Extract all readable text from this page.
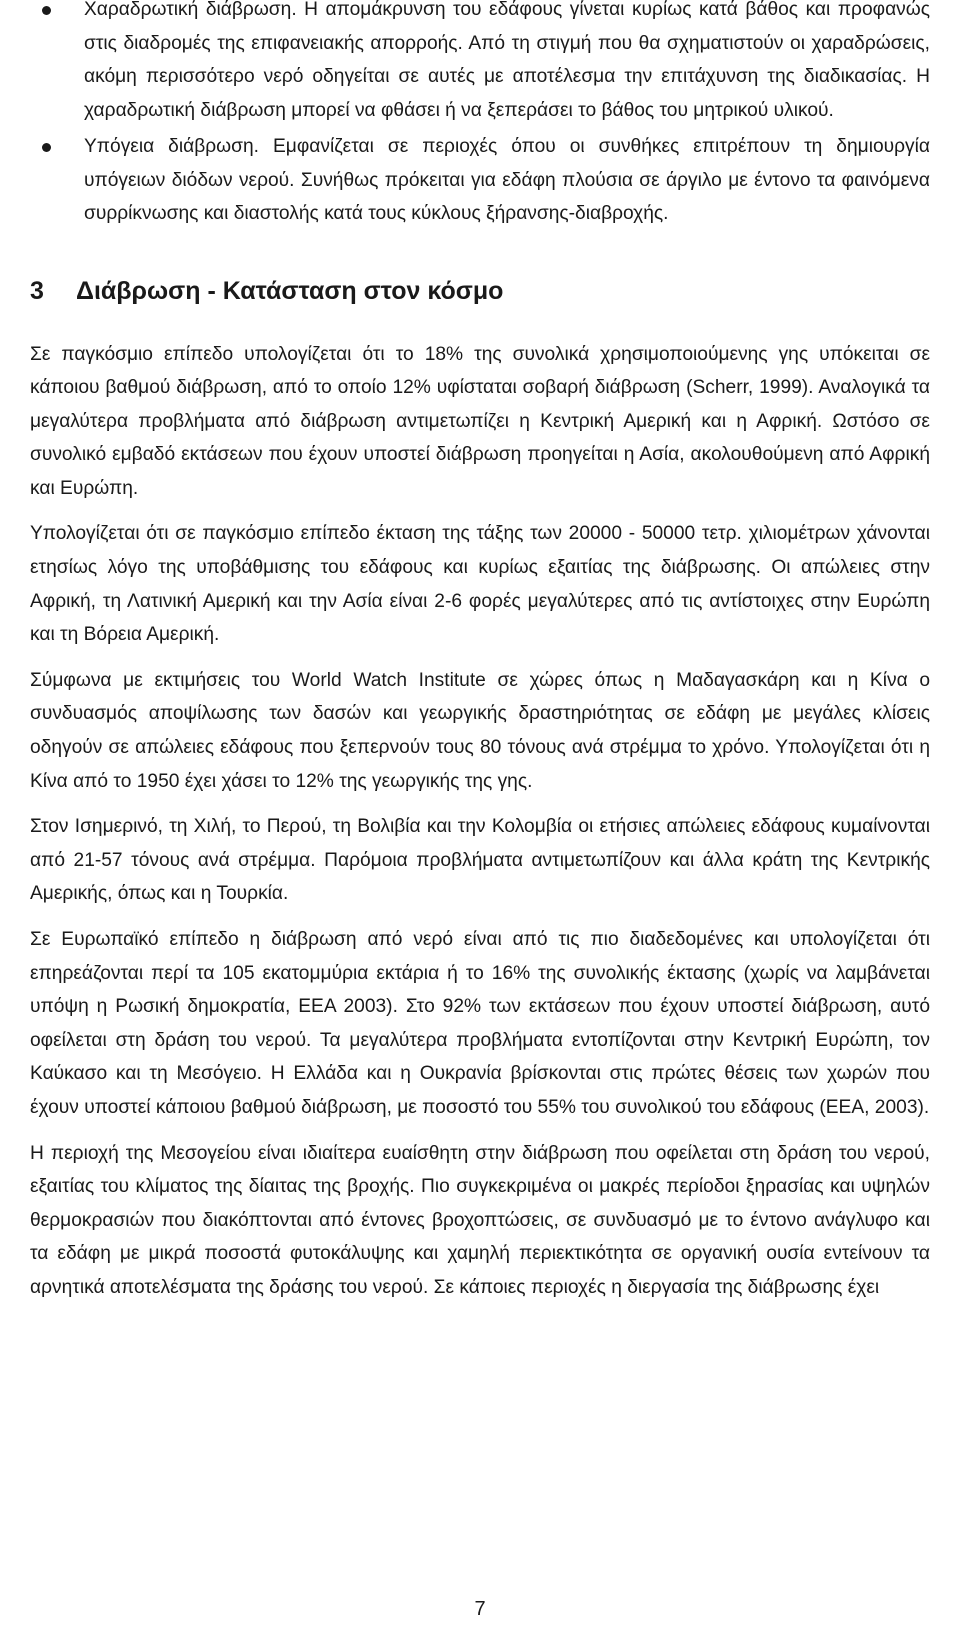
Χαραδρωτική διάβρωση. Η απομάκρυνση του εδάφους γίνεται κυρίως κατά βάθος και προφανώς στις διαδρομές της επιφανειακής απορροής. Από τη στιγμή που θα σχηματιστούν οι χαραδρώσεις, ακόμη περισσότερο νερό οδηγείται σε αυτές με αποτέλεσμα την επιτάχυνση της διαδικασίας. Η χαραδρωτική διάβρωση μπορεί να φθάσει ή να ξεπεράσει το βάθος του μητρικού υλικού.
Υπόγεια διάβρωση. Εμφανίζεται σε περιοχές όπου οι συνθήκες επιτρέπουν τη δημιουργία υπόγειων διόδων νερού. Συνήθως πρόκειται για εδάφη πλούσια σε άργιλο με έντονο τα φαινόμενα συρρίκνωσης και διαστολής κατά τους κύκλους ξήρανσης-διαβροχής.
3	Διάβρωση - Κατάσταση στον κόσμο

Σε παγκόσμιο επίπεδο υπολογίζεται ότι το 18% της συνολικά χρησιμοποιούμενης γης υπόκειται σε κάποιου βαθμού διάβρωση, από το οποίο 12% υφίσταται σοβαρή διάβρωση (Scherr, 1999). Αναλογικά τα μεγαλύτερα προβλήματα από διάβρωση αντιμετωπίζει η Κεντρική Αμερική και η Αφρική. Ωστόσο σε συνολικό εμβαδό εκτάσεων που έχουν υποστεί διάβρωση προηγείται η Ασία, ακολουθούμενη από Αφρική και Ευρώπη.

Υπολογίζεται ότι σε παγκόσμιο επίπεδο έκταση της τάξης των 20000 - 50000 τετρ. χιλιομέτρων χάνονται ετησίως λόγο της υποβάθμισης του εδάφους και κυρίως εξαιτίας της διάβρωσης. Οι απώλειες στην Αφρική, τη Λατινική Αμερική και την Ασία είναι 2-6 φορές μεγαλύτερες από τις αντίστοιχες στην Ευρώπη και τη Βόρεια Αμερική.

Σύμφωνα με εκτιμήσεις του World Watch Institute σε χώρες όπως η Μαδαγασκάρη και η Κίνα ο συνδυασμός αποψίλωσης των δασών και γεωργικής δραστηριότητας σε εδάφη με μεγάλες κλίσεις οδηγούν σε απώλειες εδάφους που ξεπερνούν τους 80 τόνους ανά στρέμμα το χρόνο. Υπολογίζεται ότι η Κίνα από το 1950 έχει χάσει το 12% της γεωργικής της γης.

Στον Ισημερινό, τη Χιλή, το Περού, τη Βολιβία και την Κολομβία οι ετήσιες απώλειες εδάφους κυμαίνονται από 21-57 τόνους ανά στρέμμα. Παρόμοια προβλήματα αντιμετωπίζουν και άλλα κράτη της Κεντρικής Αμερικής, όπως και η Τουρκία.

Σε Ευρωπαϊκό επίπεδο η διάβρωση από νερό είναι από τις πιο διαδεδομένες και υπολογίζεται ότι επηρεάζονται περί τα 105 εκατομμύρια εκτάρια ή το 16% της συνολικής έκτασης (χωρίς να λαμβάνεται υπόψη η Ρωσική δημοκρατία, ΕΕΑ 2003). Στο 92% των εκτάσεων που έχουν υποστεί διάβρωση, αυτό οφείλεται στη δράση του νερού. Τα μεγαλύτερα προβλήματα εντοπίζονται στην Κεντρική Ευρώπη, τον Καύκασο και τη Μεσόγειο. Η Ελλάδα και η Ουκρανία βρίσκονται στις πρώτες θέσεις των χωρών που έχουν υποστεί κάποιου βαθμού διάβρωση, με ποσοστό του 55% του συνολικού του εδάφους (ΕΕΑ, 2003).

Η περιοχή της Μεσογείου είναι ιδιαίτερα ευαίσθητη στην διάβρωση που οφείλεται στη δράση του νερού, εξαιτίας του κλίματος της δίαιτας της βροχής. Πιο συγκεκριμένα οι μακρές περίοδοι ξηρασίας και υψηλών θερμοκρασιών που διακόπτονται από έντονες βροχοπτώσεις, σε συνδυασμό με το έντονο ανάγλυφο και τα εδάφη με μικρά ποσοστά φυτοκάλυψης και χαμηλή περιεκτικότητα σε οργανική ουσία εντείνουν τα αρνητικά αποτελέσματα της δράσης του νερού. Σε κάποιες περιοχές η διεργασία της διάβρωσης έχει

7
